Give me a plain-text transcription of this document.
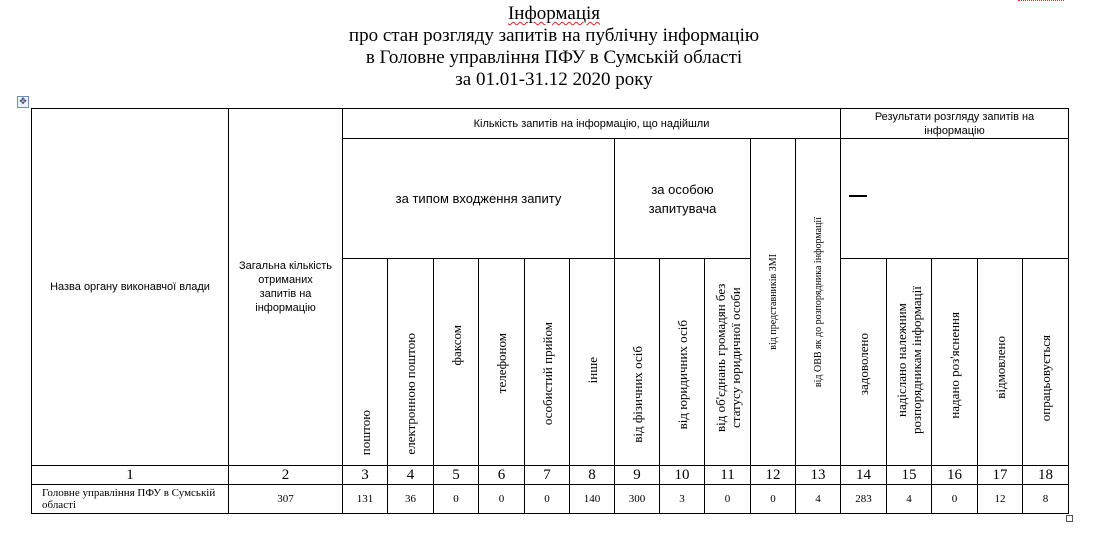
Інформація
про стан розгляду запитів на публічну інформацію
в Головне управління ПФУ в Сумській області
за 01.01-31.12 2020 року
✥
Назва органу виконавчої влади	Загальна кількість отриманих запитів на інформацію	Кількість запитів на інформацію, що надійшли											Результати розгляду запитів на інформацію				
		за типом входження запиту						за особою запитувача			від представників ЗМІ	від ОВВ як до розпорядника інформації					

		поштою	електронною поштою	факсом	телефоном	особистий прийом	інше	від фізичних осіб	від юридичних осіб	від об'єднань громадян без статусу юридичної особи			задоволено	надіслано належним розпорядникам інформації	надано роз'яснення	відмовлено	опрацьовується

1	2	3	4	5	6	7	8	9	10	11	12	13	14	15	16	17	18
Головне управління ПФУ в Сумській області	307	131	36	0	0	0	140	300	3	0	0	4	283	4	0	12	8
